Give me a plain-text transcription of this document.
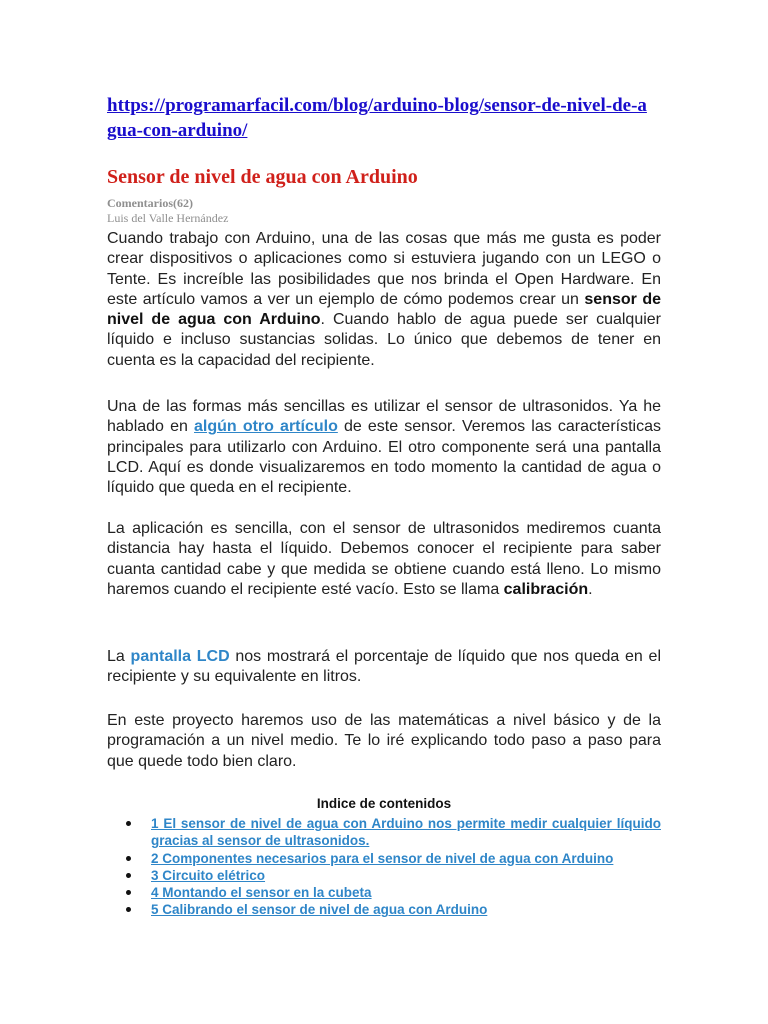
https://programarfacil.com/blog/arduino-blog/sensor-de-nivel-de-agua-con-arduino/
Sensor de nivel de agua con Arduino
Comentarios(62)
Luis del Valle Hernández

Cuando trabajo con Arduino, una de las cosas que más me gusta es poder crear dispositivos o aplicaciones como si estuviera jugando con un LEGO o Tente. Es increíble las posibilidades que nos brinda el Open Hardware. En este artículo vamos a ver un ejemplo de cómo podemos crear un sensor de nivel de agua con Arduino. Cuando hablo de agua puede ser cualquier líquido e incluso sustancias solidas. Lo único que debemos de tener en cuenta es la capacidad del recipiente.

Una de las formas más sencillas es utilizar el sensor de ultrasonidos. Ya he hablado en algún otro artículo de este sensor. Veremos las características principales para utilizarlo con Arduino. El otro componente será una pantalla LCD. Aquí es donde visualizaremos en todo momento la cantidad de agua o líquido que queda en el recipiente.

La aplicación es sencilla, con el sensor de ultrasonidos mediremos cuanta distancia hay hasta el líquido. Debemos conocer el recipiente para saber cuanta cantidad cabe y que medida se obtiene cuando está lleno. Lo mismo haremos cuando el recipiente esté vacío. Esto se llama calibración.

La pantalla LCD nos mostrará el porcentaje de líquido que nos queda en el recipiente y su equivalente en litros.

En este proyecto haremos uso de las matemáticas a nivel básico y de la programación a un nivel medio. Te lo iré explicando todo paso a paso para que quede todo bien claro.

Indice de contenidos
1 El sensor de nivel de agua con Arduino nos permite medir cualquier líquido gracias al sensor de ultrasonidos.
2 Componentes necesarios para el sensor de nivel de agua con Arduino
3 Circuito elétrico
4 Montando el sensor en la cubeta
5 Calibrando el sensor de nivel de agua con Arduino
